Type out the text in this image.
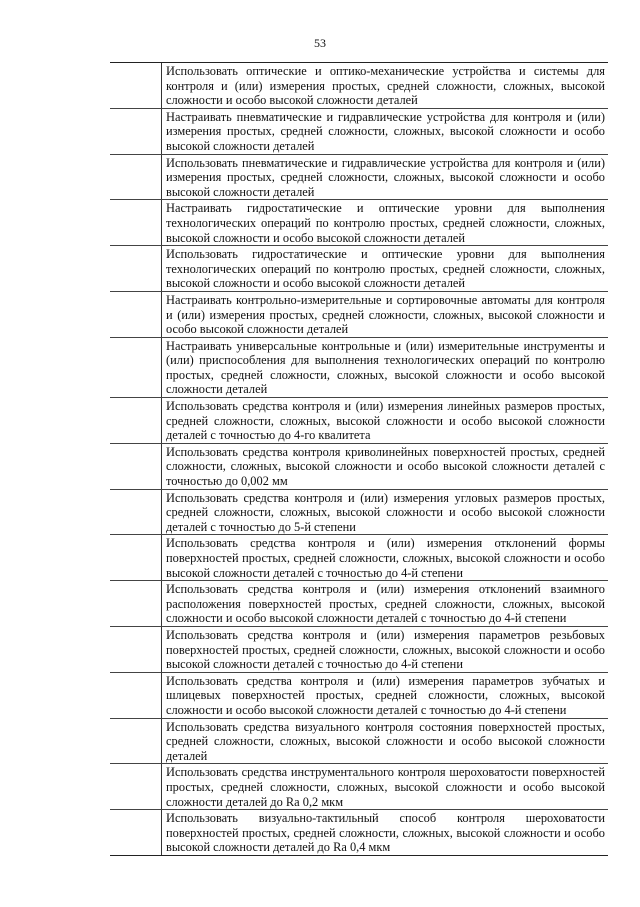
53
Использовать оптические и оптико-механические устройства и системы для контроля и (или) измерения простых, средней сложности, сложных, высокой сложности и особо высокой сложности деталей
Настраивать пневматические и гидравлические устройства для контроля и (или) измерения простых, средней сложности, сложных, высокой сложности и особо высокой сложности деталей
Использовать пневматические и гидравлические устройства для контроля и (или) измерения простых, средней сложности, сложных, высокой сложности и особо высокой сложности деталей
Настраивать гидростатические и оптические уровни для выполнения технологических операций по контролю простых, средней сложности, сложных, высокой сложности и особо высокой сложности деталей
Использовать гидростатические и оптические уровни для выполнения технологических операций по контролю простых, средней сложности, сложных, высокой сложности и особо высокой сложности деталей
Настраивать контрольно-измерительные и сортировочные автоматы для контроля и (или) измерения простых, средней сложности, сложных, высокой сложности и особо высокой сложности деталей
Настраивать универсальные контрольные и (или) измерительные инструменты и (или) приспособления для выполнения технологических операций по контролю простых, средней сложности, сложных, высокой сложности и особо высокой сложности деталей
Использовать средства контроля и (или) измерения линейных размеров простых, средней сложности, сложных, высокой сложности и особо высокой сложности деталей с точностью до 4-го квалитета
Использовать средства контроля криволинейных поверхностей простых, средней сложности, сложных, высокой сложности и особо высокой сложности деталей с точностью до 0,002 мм
Использовать средства контроля и (или) измерения угловых размеров простых, средней сложности, сложных, высокой сложности и особо высокой сложности деталей с точностью до 5-й степени
Использовать средства контроля и (или) измерения отклонений формы поверхностей простых, средней сложности, сложных, высокой сложности и особо высокой сложности деталей с точностью до 4-й степени
Использовать средства контроля и (или) измерения отклонений взаимного расположения поверхностей простых, средней сложности, сложных, высокой сложности и особо высокой сложности деталей с точностью до 4-й степени
Использовать средства контроля и (или) измерения параметров резьбовых поверхностей простых, средней сложности, сложных, высокой сложности и особо высокой сложности деталей с точностью до 4-й степени
Использовать средства контроля и (или) измерения параметров зубчатых и шлицевых поверхностей простых, средней сложности, сложных, высокой сложности и особо высокой сложности деталей с точностью до 4-й степени
Использовать средства визуального контроля состояния поверхностей простых, средней сложности, сложных, высокой сложности и особо высокой сложности деталей
Использовать средства инструментального контроля шероховатости поверхностей простых, средней сложности, сложных, высокой сложности и особо высокой сложности деталей до Ra 0,2 мкм
Использовать визуально-тактильный способ контроля шероховатости поверхностей простых, средней сложности, сложных, высокой сложности и особо высокой сложности деталей до Ra 0,4 мкм
